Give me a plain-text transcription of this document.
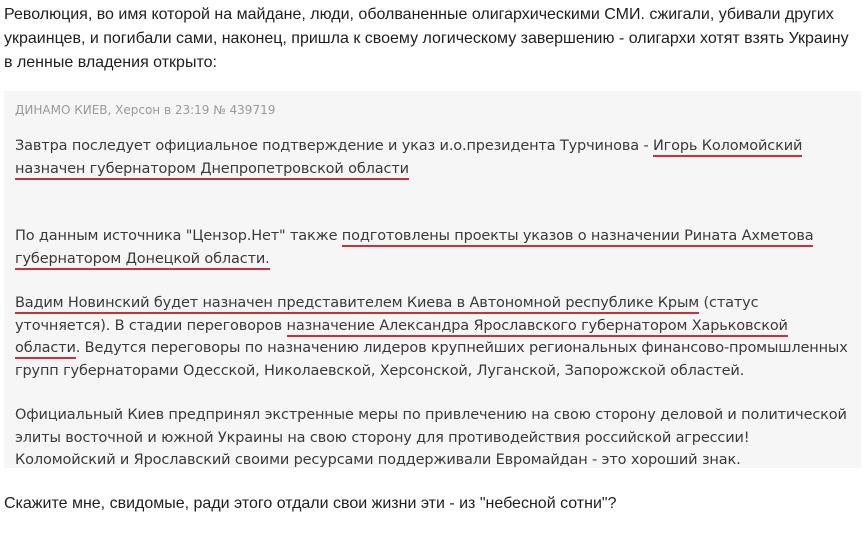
Революция, во имя которой на майдане, люди, оболваненные олигархическими СМИ. сжигали, убивали других украинцев, и погибали сами, наконец, пришла к своему логическому завершению - олигархи хотят взять Украину в ленные владения открыто:

ДИНАМО КИЕВ, Херсон в 23:19 № 439719

Завтра последует официальное подтверждение и указ и.о.президента Турчинова - Игорь Коломойский назначен губернатором Днепропетровской области

По данным источника "Цензор.Нет" также подготовлены проекты указов о назначении Рината Ахметова губернатором Донецкой области.

Вадим Новинский будет назначен представителем Киева в Автономной республике Крым (статус уточняется). В стадии переговоров назначение Александра Ярославского губернатором Харьковской области. Ведутся переговоры по назначению лидеров крупнейших региональных финансово-промышленных групп губернаторами Одесской, Николаевской, Херсонской, Луганской, Запорожской областей.

Официальный Киев предпринял экстренные меры по привлечению на свою сторону деловой и политической элиты восточной и южной Украины на свою сторону для противодействия российской агрессии!Коломойский и Ярославский своими ресурсами поддерживали Евромайдан - это хороший знак.

Скажите мне, свидомые, ради этого отдали свои жизни эти - из "небесной сотни"?
